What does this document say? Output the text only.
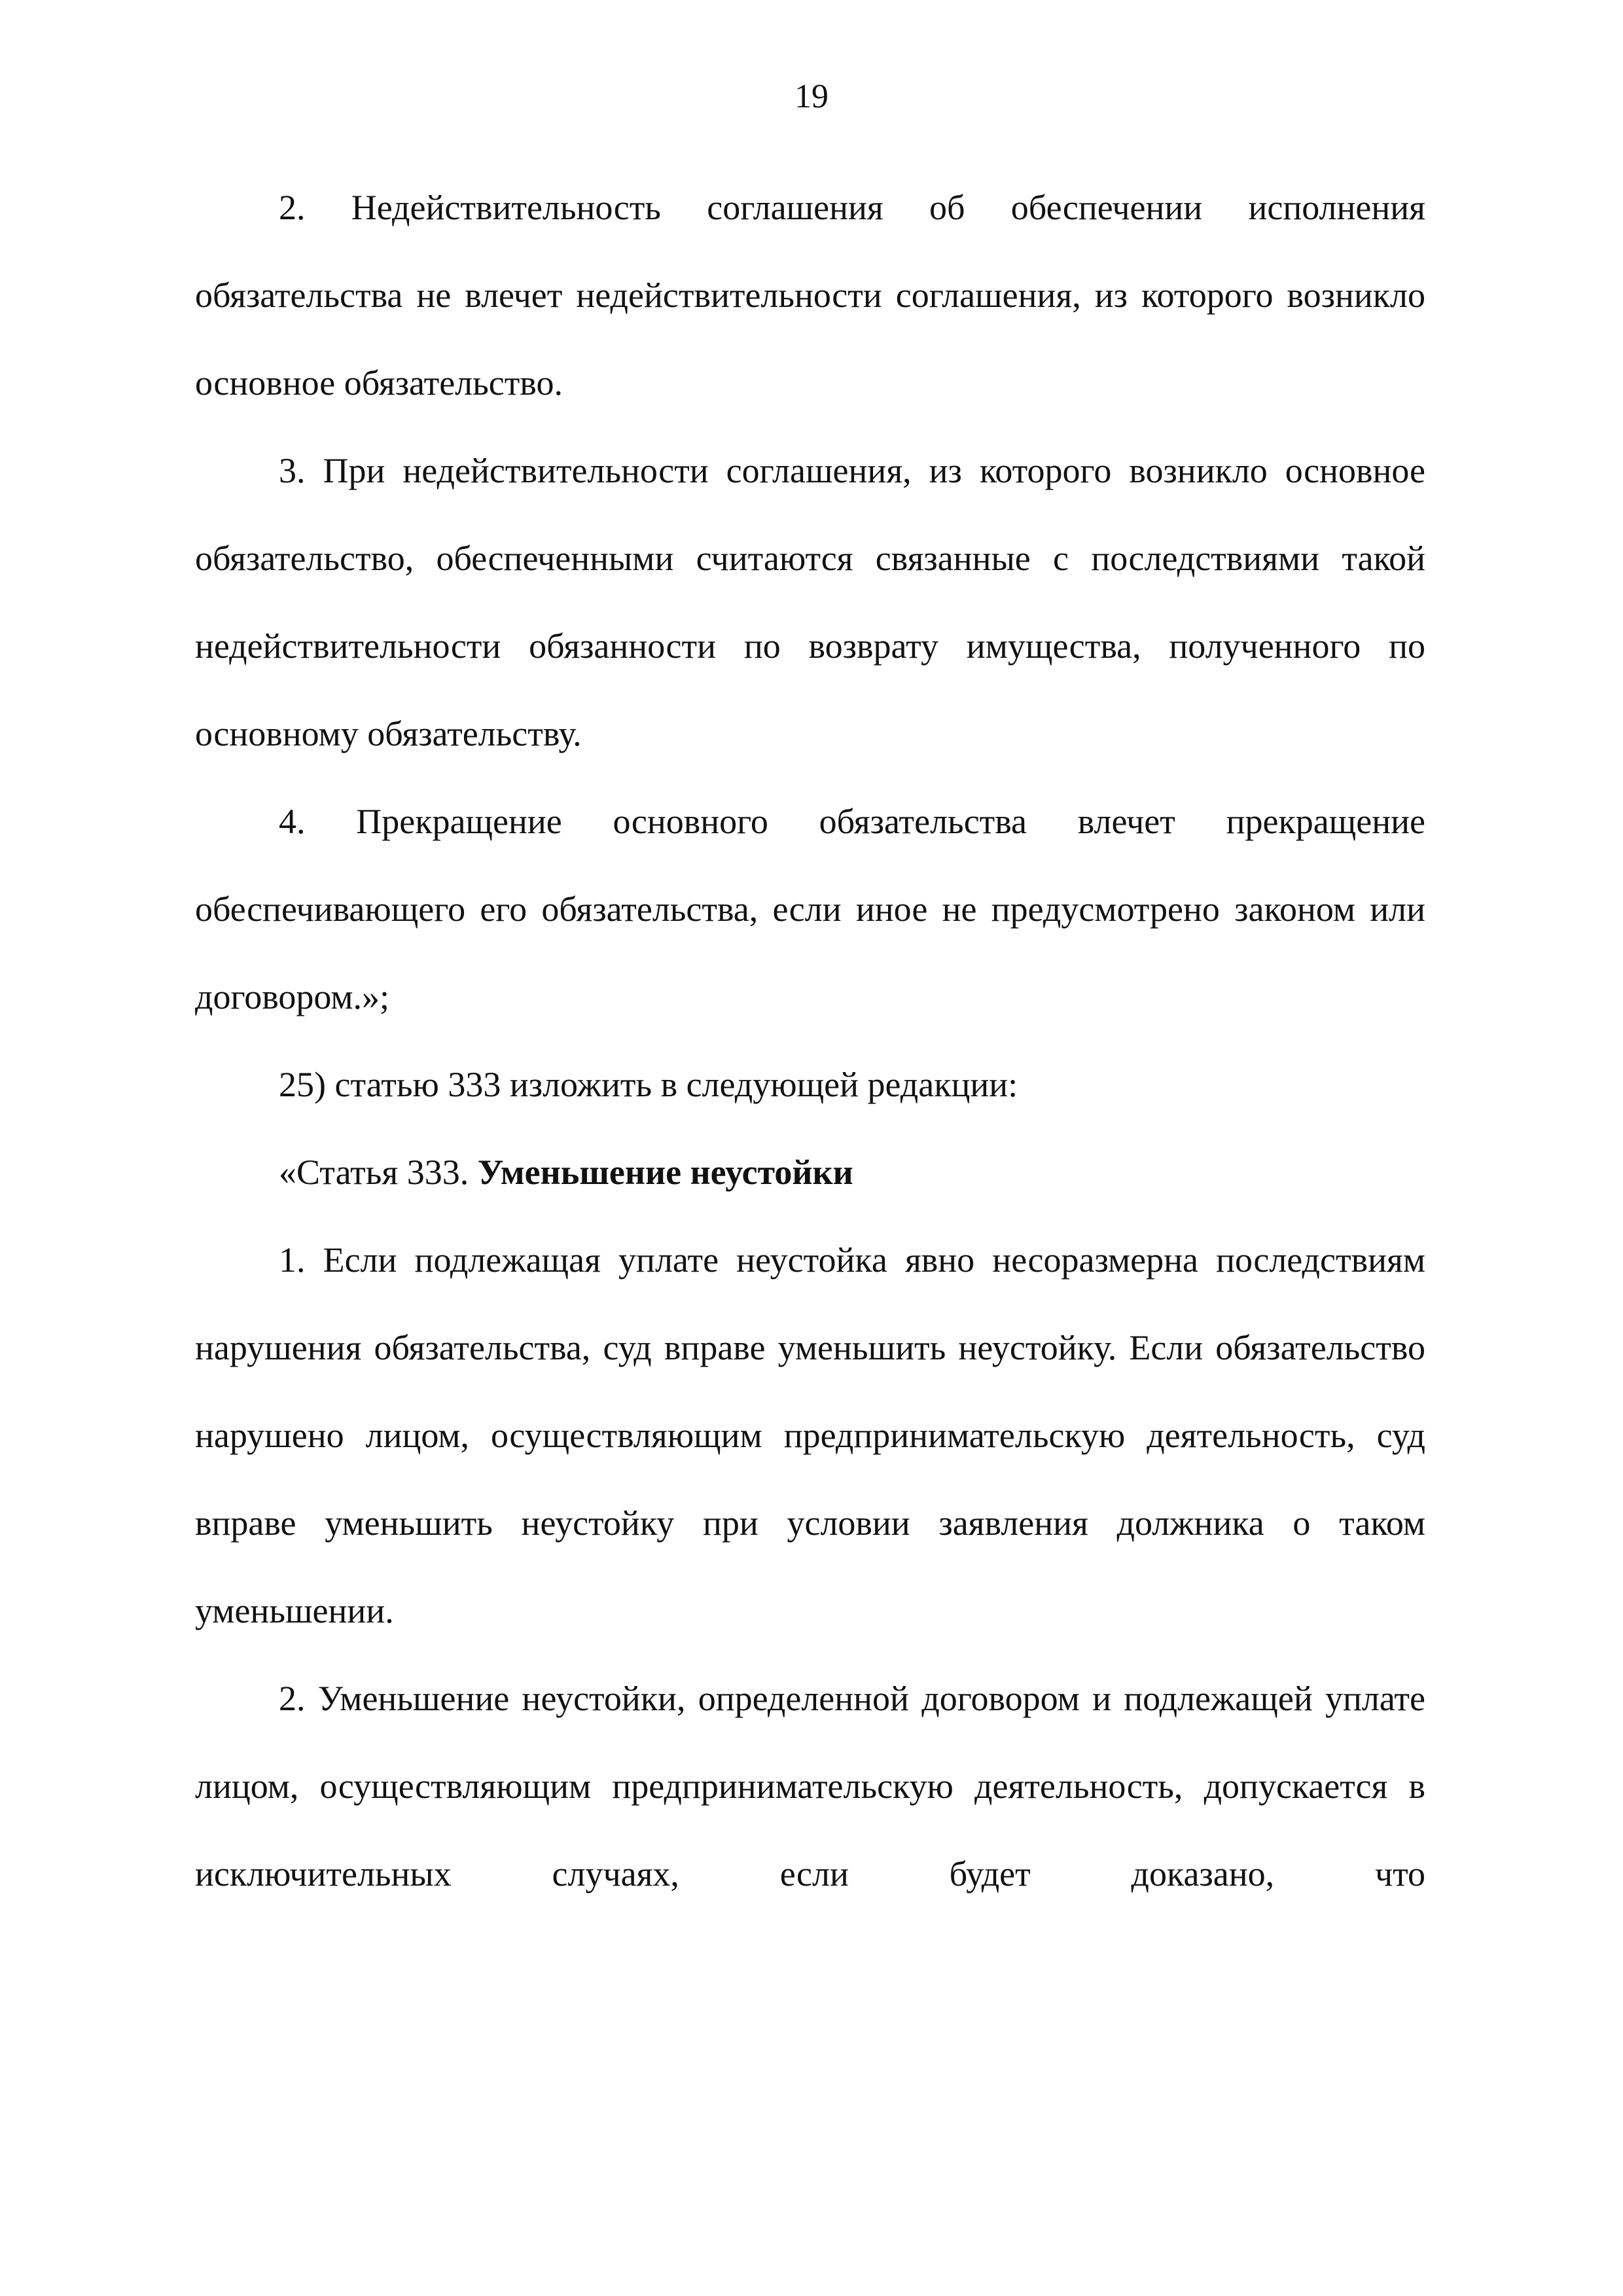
19

2. Недействительность соглашения об обеспечении исполнения обязательства не влечет недействительности соглашения, из которого возникло основное обязательство.

3. При недействительности соглашения, из которого возникло основное обязательство, обеспеченными считаются связанные с последствиями такой недействительности обязанности по возврату имущества, полученного по основному обязательству.

4. Прекращение основного обязательства влечет прекращение обеспечивающего его обязательства, если иное не предусмотрено законом или договором.»;

25) статью 333 изложить в следующей редакции:

«Статья 333. Уменьшение неустойки

1. Если подлежащая уплате неустойка явно несоразмерна последствиям нарушения обязательства, суд вправе уменьшить неустойку. Если обязательство нарушено лицом, осуществляющим предпринимательскую деятельность, суд вправе уменьшить неустойку при условии заявления должника о таком уменьшении.

2. Уменьшение неустойки, определенной договором и подлежащей уплате лицом, осуществляющим предпринимательскую деятельность, допускается в исключительных случаях, если будет доказано, что
